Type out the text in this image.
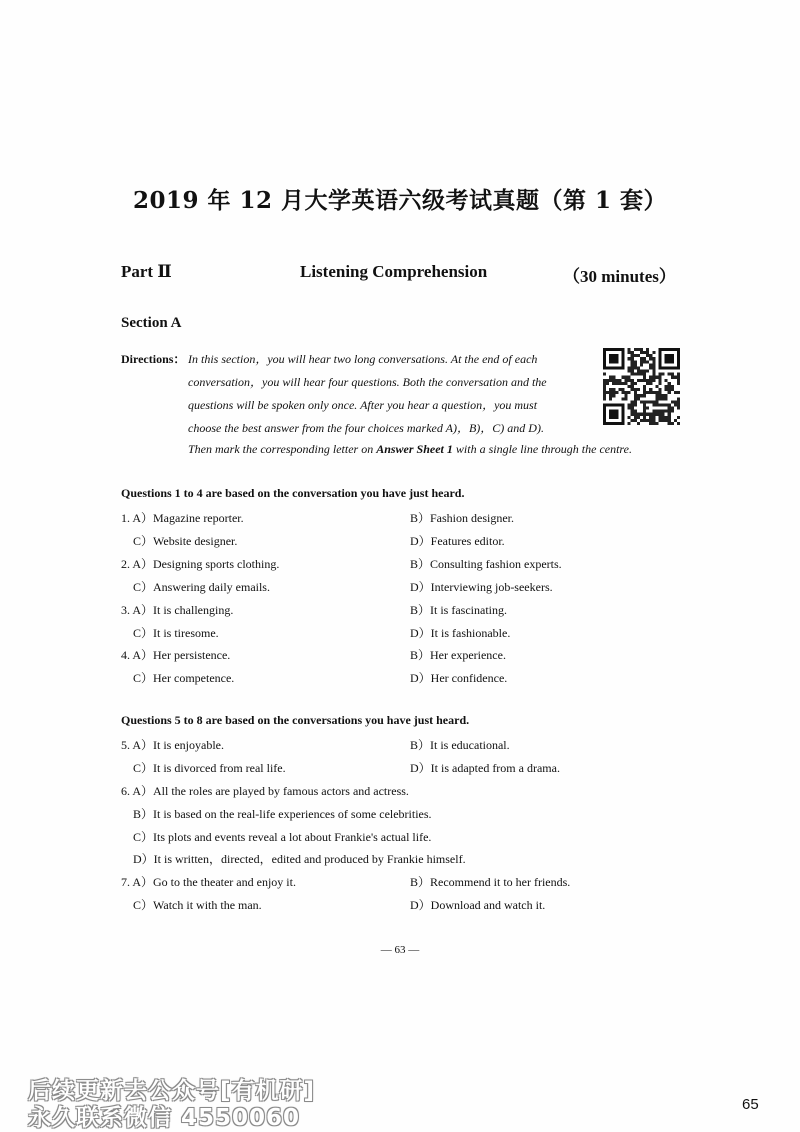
2019 年 12 月大学英语六级考试真题（第 1 套）
Part Ⅱ	Listening Comprehension	（30 minutes）
Section A
Directions： In this section，you will hear two long conversations. At the end of each
conversation，you will hear four questions. Both the conversation and the
questions will be spoken only once. After you hear a question，you must
choose the best answer from the four choices marked A)，B)，C) and D).
Then mark the corresponding letter on Answer Sheet 1 with a single line through the centre.
Questions 1 to 4 are based on the conversation you have just heard.
1. A）Magazine reporter.	B）Fashion designer.
C）Website designer.	D）Features editor.
2. A）Designing sports clothing.	B）Consulting fashion experts.
C）Answering daily emails.	D）Interviewing job-seekers.
3. A）It is challenging.	B）It is fascinating.
C）It is tiresome.	D）It is fashionable.
4. A）Her persistence.	B）Her experience.
C）Her competence.	D）Her confidence.
Questions 5 to 8 are based on the conversations you have just heard.
5. A）It is enjoyable.	B）It is educational.
C）It is divorced from real life.	D）It is adapted from a drama.
6. A）All the roles are played by famous actors and actress.
B）It is based on the real-life experiences of some celebrities.
C）Its plots and events reveal a lot about Frankie's actual life.
D）It is written，directed，edited and produced by Frankie himself.
7. A）Go to the theater and enjoy it.	B）Recommend it to her friends.
C）Watch it with the man.	D）Download and watch it.
— 63 —
后续更新去公众号[有机研]
永久联系微信 4550060
65
